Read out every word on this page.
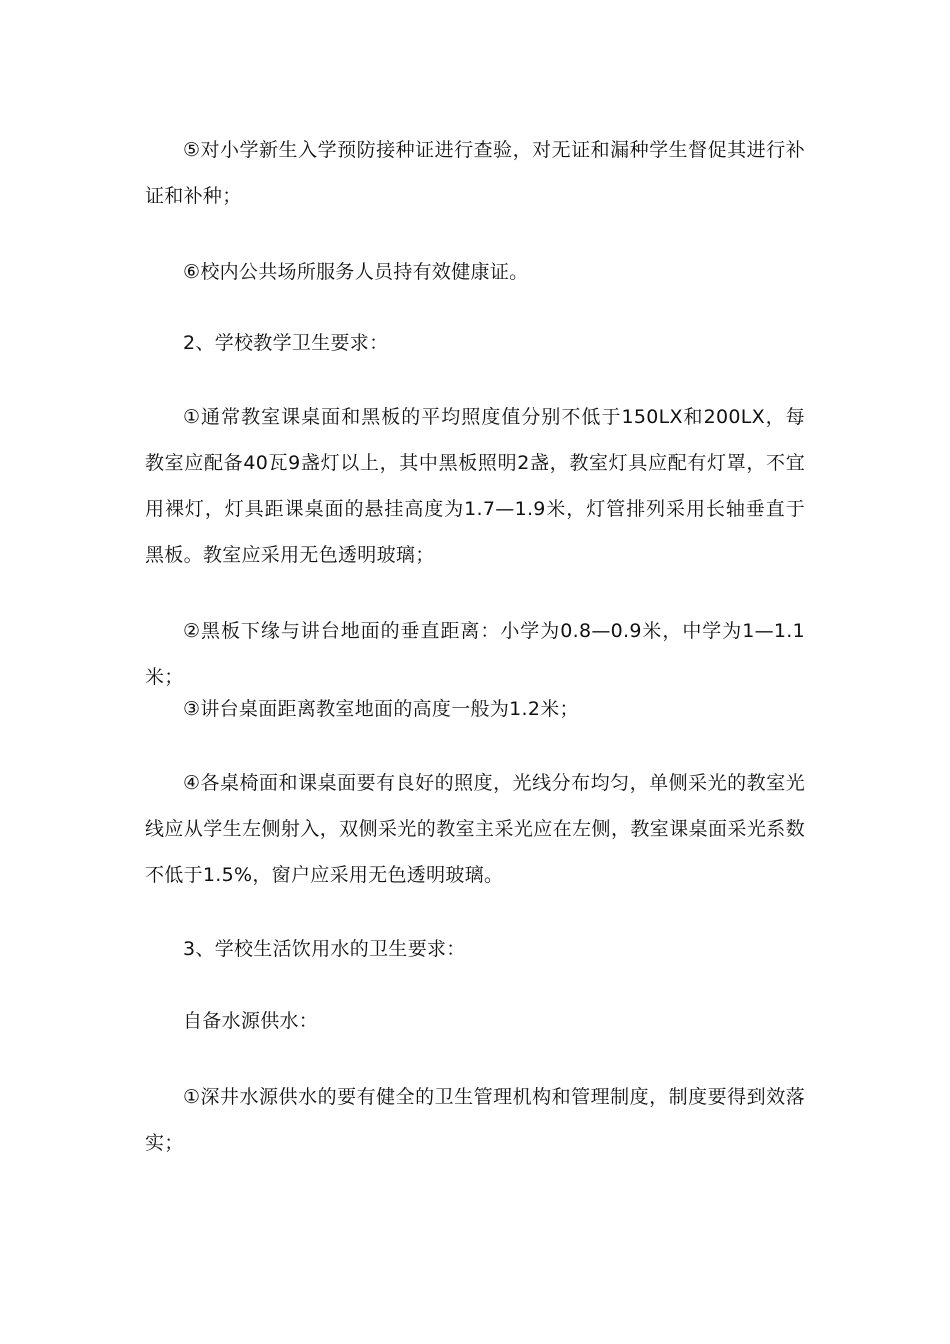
⑤对小学新生入学预防接种证进行查验，对无证和漏种学生督促其进行补证和补种；

⑥校内公共场所服务人员持有效健康证。

2、学校教学卫生要求：

①通常教室课桌面和黑板的平均照度值分别不低于150LX和200LX，每教室应配备40瓦9盏灯以上，其中黑板照明2盏，教室灯具应配有灯罩，不宜用裸灯，灯具距课桌面的悬挂高度为1.7—1.9米，灯管排列采用长轴垂直于黑板。教室应采用无色透明玻璃；

②黑板下缘与讲台地面的垂直距离：小学为0.8—0.9米，中学为1—1.1米；

③讲台桌面距离教室地面的高度一般为1.2米；

④各桌椅面和课桌面要有良好的照度，光线分布均匀，单侧采光的教室光线应从学生左侧射入，双侧采光的教室主采光应在左侧，教室课桌面采光系数不低于1.5%，窗户应采用无色透明玻璃。

3、学校生活饮用水的卫生要求：

自备水源供水：

①深井水源供水的要有健全的卫生管理机构和管理制度，制度要得到效落实；
